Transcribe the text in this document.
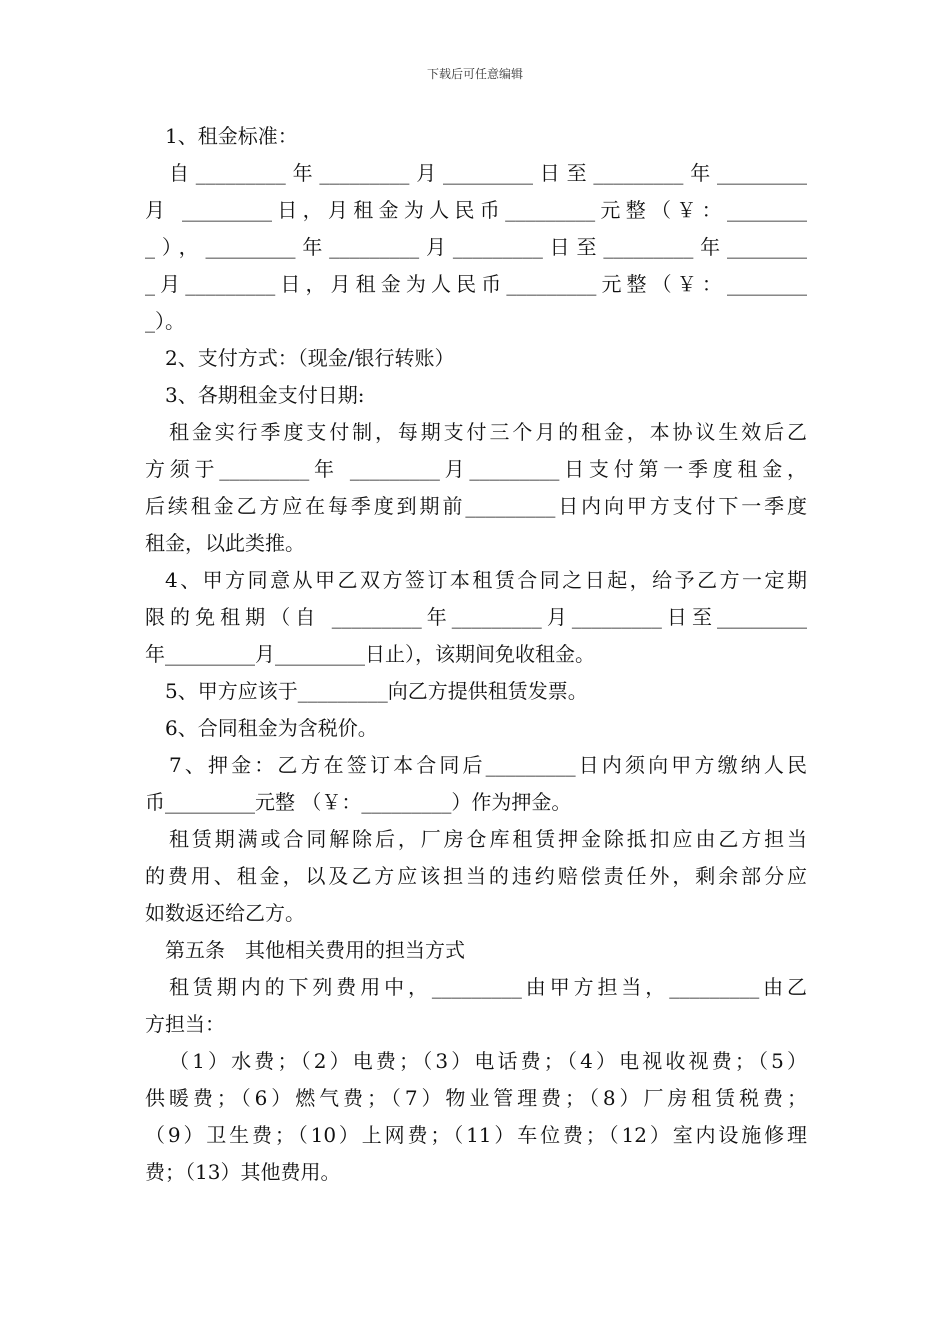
下载后可任意编辑
1、租金标准：
自_________年_________月_________日至_________年_________
月 _________日，月租金为人民币_________元整（￥：________
_），_________年_________月_________日至_________年________
_月_________日，月租金为人民币_________元整（￥：________
_）。
2、支付方式：（现金/银行转账）
3、各期租金支付日期:
租金实行季度支付制，每期支付三个月的租金，本协议生效后乙
方须于_________年 _________月_________日支付第一季度租金，
后续租金乙方应在每季度到期前_________日内向甲方支付下一季度
租金，以此类推。
4、甲方同意从甲乙双方签订本租赁合同之日起，给予乙方一定期
限的免租期（自 _________年_________月_________日至_________
年_________月_________日止），该期间免收租金。
5、甲方应该于_________向乙方提供租赁发票。
6、合同租金为含税价。
7、押金：乙方在签订本合同后_________日内须向甲方缴纳人民
币_________元整 （￥：_________）作为押金。
租赁期满或合同解除后，厂房仓库租赁押金除抵扣应由乙方担当
的费用、租金，以及乙方应该担当的违约赔偿责任外，剩余部分应
如数返还给乙方。
第五条　其他相关费用的担当方式
租赁期内的下列费用中，_________由甲方担当，_________由乙
方担当：
（1）水费；（2）电费；（3）电话费；（4）电视收视费；（5）
供暖费；（6）燃气费；（7）物业管理费；（8）厂房租赁税费；
（9）卫生费；（10）上网费；（11）车位费；（12）室内设施修理
费；（13）其他费用。
